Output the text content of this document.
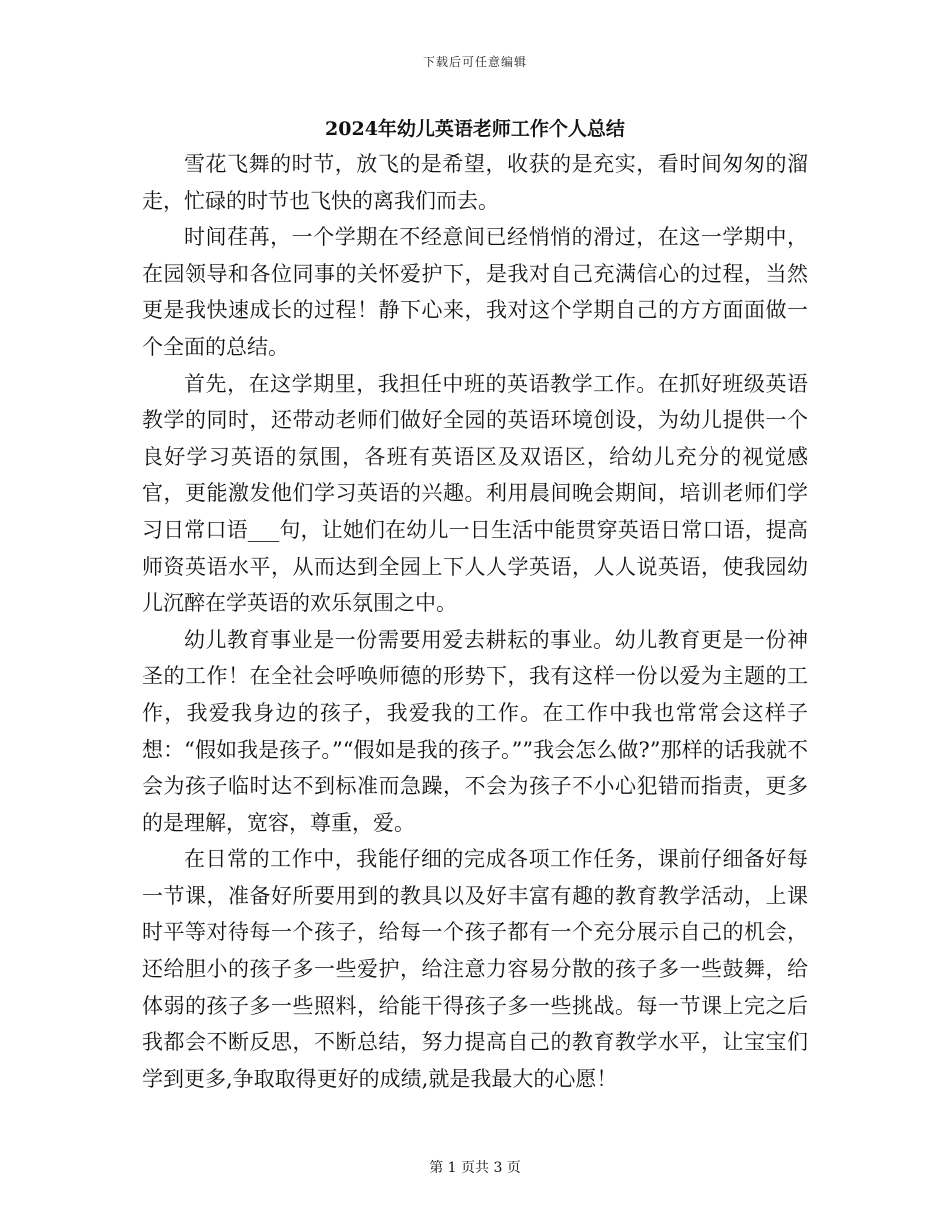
下载后可任意编辑
2024年幼儿英语老师工作个人总结

雪花飞舞的时节，放飞的是希望，收获的是充实，看时间匆匆的溜走，忙碌的时节也飞快的离我们而去。

时间荏苒，一个学期在不经意间已经悄悄的滑过，在这一学期中，在园领导和各位同事的关怀爱护下，是我对自己充满信心的过程，当然更是我快速成长的过程！静下心来，我对这个学期自己的方方面面做一个全面的总结。

首先，在这学期里，我担任中班的英语教学工作。在抓好班级英语教学的同时，还带动老师们做好全园的英语环境创设，为幼儿提供一个良好学习英语的氛围，各班有英语区及双语区，给幼儿充分的视觉感官，更能激发他们学习英语的兴趣。利用晨间晚会期间，培训老师们学习日常口语___句，让她们在幼儿一日生活中能贯穿英语日常口语，提高师资英语水平，从而达到全园上下人人学英语，人人说英语，使我园幼儿沉醉在学英语的欢乐氛围之中。

幼儿教育事业是一份需要用爱去耕耘的事业。幼儿教育更是一份神圣的工作！在全社会呼唤师德的形势下，我有这样一份以爱为主题的工作，我爱我身边的孩子，我爱我的工作。在工作中我也常常会这样子想：“假如我是孩子。”“假如是我的孩子。””我会怎么做?”那样的话我就不会为孩子临时达不到标准而急躁，不会为孩子不小心犯错而指责，更多的是理解，宽容，尊重，爱。

在日常的工作中，我能仔细的完成各项工作任务，课前仔细备好每一节课，准备好所要用到的教具以及好丰富有趣的教育教学活动，上课时平等对待每一个孩子，给每一个孩子都有一个充分展示自己的机会，还给胆小的孩子多一些爱护，给注意力容易分散的孩子多一些鼓舞，给体弱的孩子多一些照料，给能干得孩子多一些挑战。每一节课上完之后我都会不断反思，不断总结，努力提高自己的教育教学水平，让宝宝们学到更多,争取取得更好的成绩,就是我最大的心愿！

第 1 页共 3 页
